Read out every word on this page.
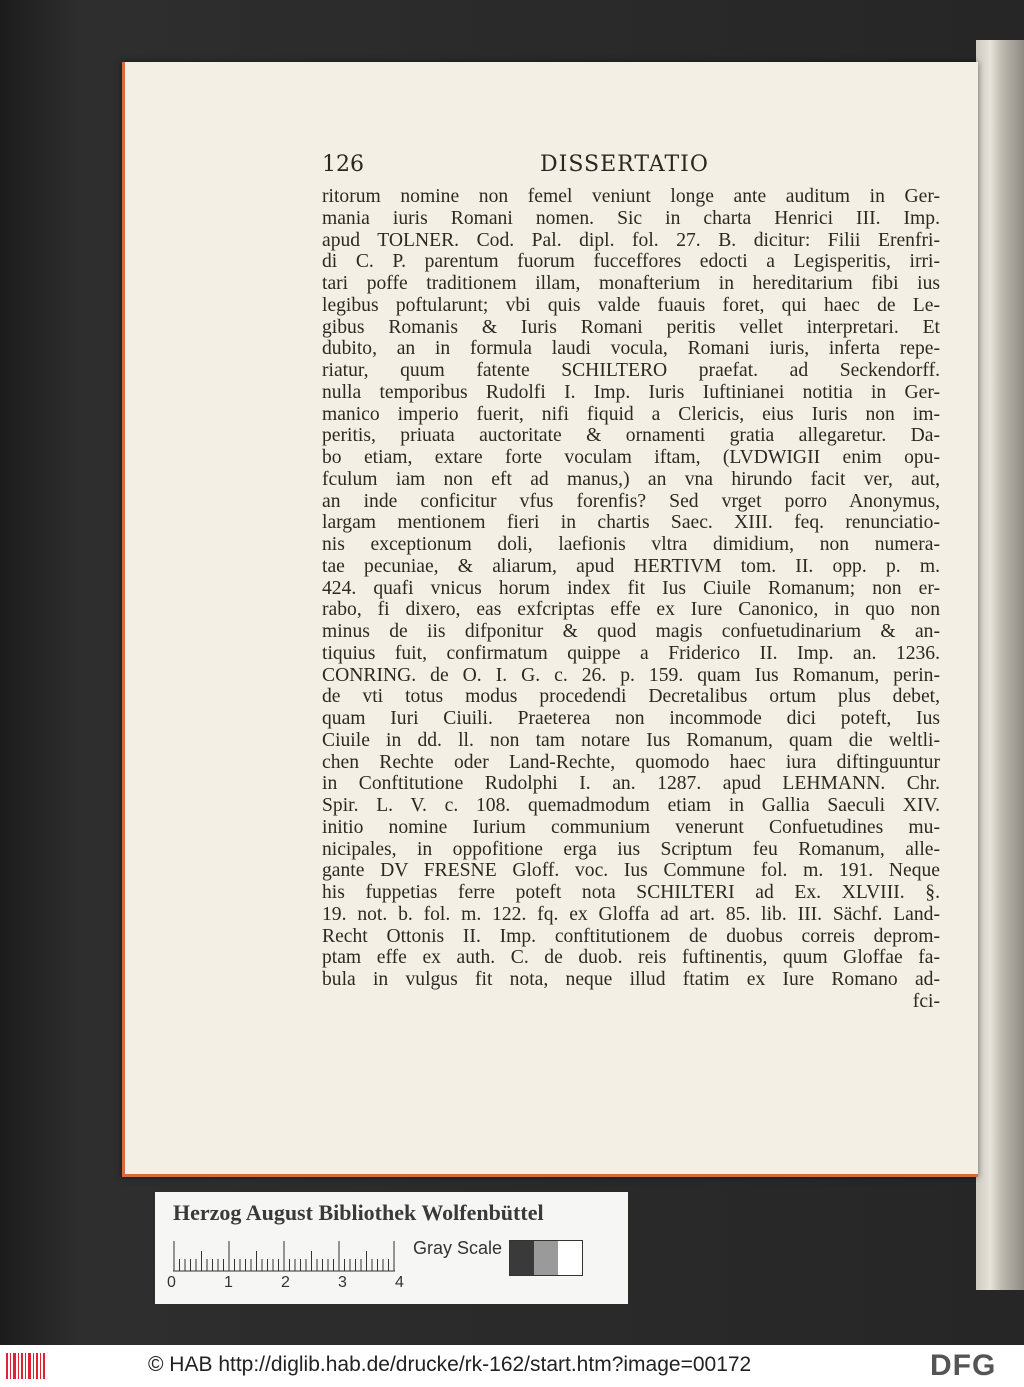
126	DISSERTATIO
ritorum nomine non femel veniunt longe ante auditum in Ger-
mania iuris Romani nomen. Sic in charta Henrici III. Imp.
apud TOLNER. Cod. Pal. dipl. fol. 27. B. dicitur: Filii Erenfri-
di C. P. parentum fuorum fucceffores edocti a Legisperitis, irri-
tari poffe traditionem illam, monafterium in hereditarium fibi ius
legibus poftularunt; vbi quis valde fuauis foret, qui haec de Le-
gibus Romanis & Iuris Romani peritis vellet interpretari. Et
dubito, an in formula laudi voculа, Romani iuris, inferta repe-
riatur, quum fatente SCHILTERO praefat. ad Seckendorff.
nulla temporibus Rudolfi I. Imp. Iuris Iuftinianei notitia in Ger-
manico imperio fuerit, nifi fiquid a Clericis, eius Iuris non im-
peritis, priuata auctoritate & ornamenti gratia allegaretur. Da-
bo etiam, extare forte voculam iftam, (LVDWIGII enim opu-
fculum iam non eft ad manus,) an vna hirundo facit ver, aut,
an inde conficitur vfus forenfis? Sed vrget porro Anonymus,
largam mentionem fieri in chartis Saec. XIII. feq. renunciatio-
nis exceptionum doli, laefionis vltra dimidium, non numera-
tae pecuniae, & aliarum, apud HERTIVM tom. II. opp. p. m.
424. quafi vnicus horum index fit Ius Ciuile Romanum; non er-
rabo, fi dixero, eas exfcriptas effe ex Iure Canonico, in quo non
minus de iis difponitur & quod magis confuetudinarium & an-
tiquius fuit, confirmatum quippe a Friderico II. Imp. an. 1236.
CONRING. de O. I. G. c. 26. p. 159. quam Ius Romanum, perin-
de vti totus modus procedendi Decretalibus ortum plus debet,
quam Iuri Ciuili. Praeterea non incommode dici poteft, Ius
Ciuile in dd. ll. non tam notare Ius Romanum, quam die weltli-
chen Rechte oder Land-Rechte, quomodo haec iura diftinguuntur
in Conftitutione Rudolphi I. an. 1287. apud LEHMANN. Chr.
Spir. L. V. c. 108. quemadmodum etiam in Gallia Saeculi XIV.
initio nomine Iurium communium venerunt Confuetudines mu-
nicipales, in oppofitione erga ius Scriptum feu Romanum, alle-
gante DV FRESNE Gloff. voc. Ius Commune fol. m. 191. Neque
his fuppetias ferre poteft nota SCHILTERI ad Ex. XLVIII. §.
19. not. b. fol. m. 122. fq. ex Gloffa ad art. 85. lib. III. Sächf. Land-
Recht Ottonis II. Imp. conftitutionem de duobus correis deprom-
ptam effe ex auth. C. de duob. reis fuftinentis, quum Gloffae fa-
bula in vulgus fit nota, neque illud ftatim ex Iure Romano ad-
fci-
Herzog August Bibliothek Wolfenbüttel
0	1	2	3	4
Gray Scale
© HAB http://diglib.hab.de/drucke/rk-162/start.htm?image=00172	DFG
